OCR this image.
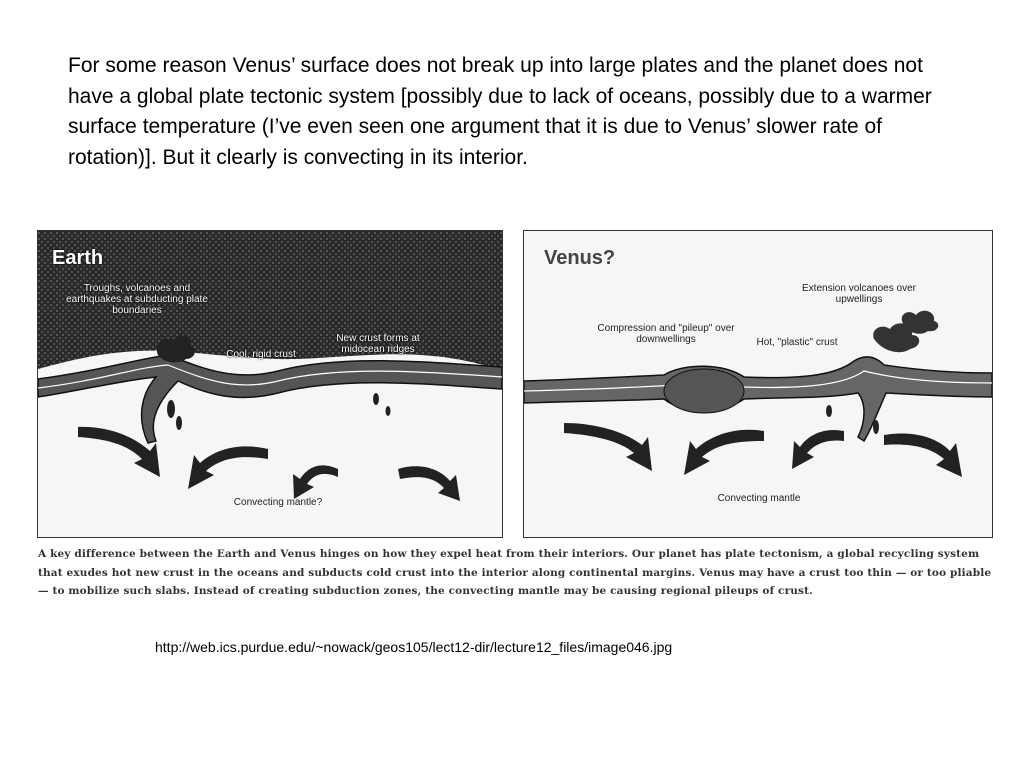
For some reason Venus’ surface does not break up into large plates and the planet does not have a global plate tectonic system [possibly due to lack of oceans, possibly due to a warmer surface temperature (I’ve even seen one argument that it is due to Venus’ slower rate of rotation)]. But it clearly is convecting in its interior.

Earth
Troughs, volcanoes and earthquakes at subducting plate boundaries
Cool, rigid crust
New crust forms at midocean ridges
Convecting mantle?
Venus?
Extension volcanoes over upwellings
Compression and "pileup" over downwellings	Hot, "plastic" crust
Convecting mantle

A key difference between the Earth and Venus hinges on how they expel heat from their interiors. Our planet has plate tectonism, a global recycling system that exudes hot new crust in the oceans and subducts cold crust into the interior along continental margins. Venus may have a crust too thin — or too pliable — to mobilize such slabs. Instead of creating subduction zones, the convecting mantle may be causing regional pileups of crust.

http://web.ics.purdue.edu/~nowack/geos105/lect12-dir/lecture12_files/image046.jpg
